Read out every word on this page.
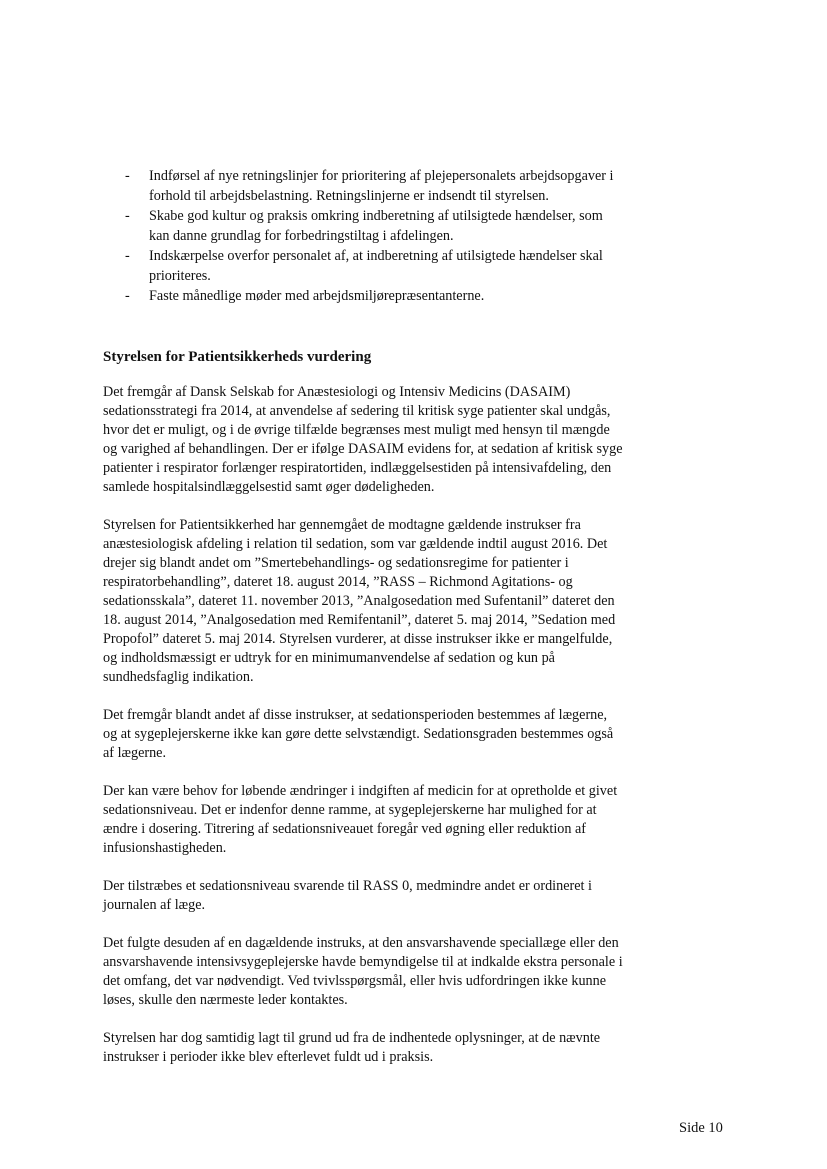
- Indførsel af nye retningslinjer for prioritering af plejepersonalets arbejdsopgaver i forhold til arbejdsbelastning. Retningslinjerne er indsendt til styrelsen.
- Skabe god kultur og praksis omkring indberetning af utilsigtede hændelser, som kan danne grundlag for forbedringstiltag i afdelingen.
- Indskærpelse overfor personalet af, at indberetning af utilsigtede hændelser skal prioriteres.
- Faste månedlige møder med arbejdsmiljørepræsentanterne.
Styrelsen for Patientsikkerheds vurdering

Det fremgår af Dansk Selskab for Anæstesiologi og Intensiv Medicins (DASAIM) sedationsstrategi fra 2014, at anvendelse af sedering til kritisk syge patienter skal undgås, hvor det er muligt, og i de øvrige tilfælde begrænses mest muligt med hensyn til mængde og varighed af behandlingen. Der er ifølge DASAIM evidens for, at sedation af kritisk syge patienter i respirator forlænger respiratortiden, indlæggelsestiden på intensivafdeling, den samlede hospitalsindlæggelsestid samt øger dødeligheden.

Styrelsen for Patientsikkerhed har gennemgået de modtagne gældende instrukser fra anæstesiologisk afdeling i relation til sedation, som var gældende indtil august 2016. Det drejer sig blandt andet om ”Smertebehandlings- og sedationsregime for patienter i respiratorbehandling”, dateret 18. august 2014, ”RASS – Richmond Agitations- og sedationsskala”, dateret 11. november 2013, ”Analgosedation med Sufentanil” dateret den 18. august 2014, ”Analgosedation med Remifentanil”, dateret 5. maj 2014, ”Sedation med Propofol” dateret 5. maj 2014. Styrelsen vurderer, at disse instrukser ikke er mangelfulde, og indholdsmæssigt er udtryk for en minimumanvendelse af sedation og kun på sundhedsfaglig indikation.

Det fremgår blandt andet af disse instrukser, at sedationsperioden bestemmes af lægerne, og at sygeplejerskerne ikke kan gøre dette selvstændigt. Sedationsgraden bestemmes også af lægerne.

Der kan være behov for løbende ændringer i indgiften af medicin for at opretholde et givet sedationsniveau. Det er indenfor denne ramme, at sygeplejerskerne har mulighed for at ændre i dosering. Titrering af sedationsniveauet foregår ved øgning eller reduktion af infusionshastigheden.

Der tilstræbes et sedationsniveau svarende til RASS 0, medmindre andet er ordineret i journalen af læge.

Det fulgte desuden af en dagældende instruks, at den ansvarshavende speciallæge eller den ansvarshavende intensivsygeplejerske havde bemyndigelse til at indkalde ekstra personale i det omfang, det var nødvendigt. Ved tvivlsspørgsmål, eller hvis udfordringen ikke kunne løses, skulle den nærmeste leder kontaktes.

Styrelsen har dog samtidig lagt til grund ud fra de indhentede oplysninger, at de nævnte instrukser i perioder ikke blev efterlevet fuldt ud i praksis.

Side 10
